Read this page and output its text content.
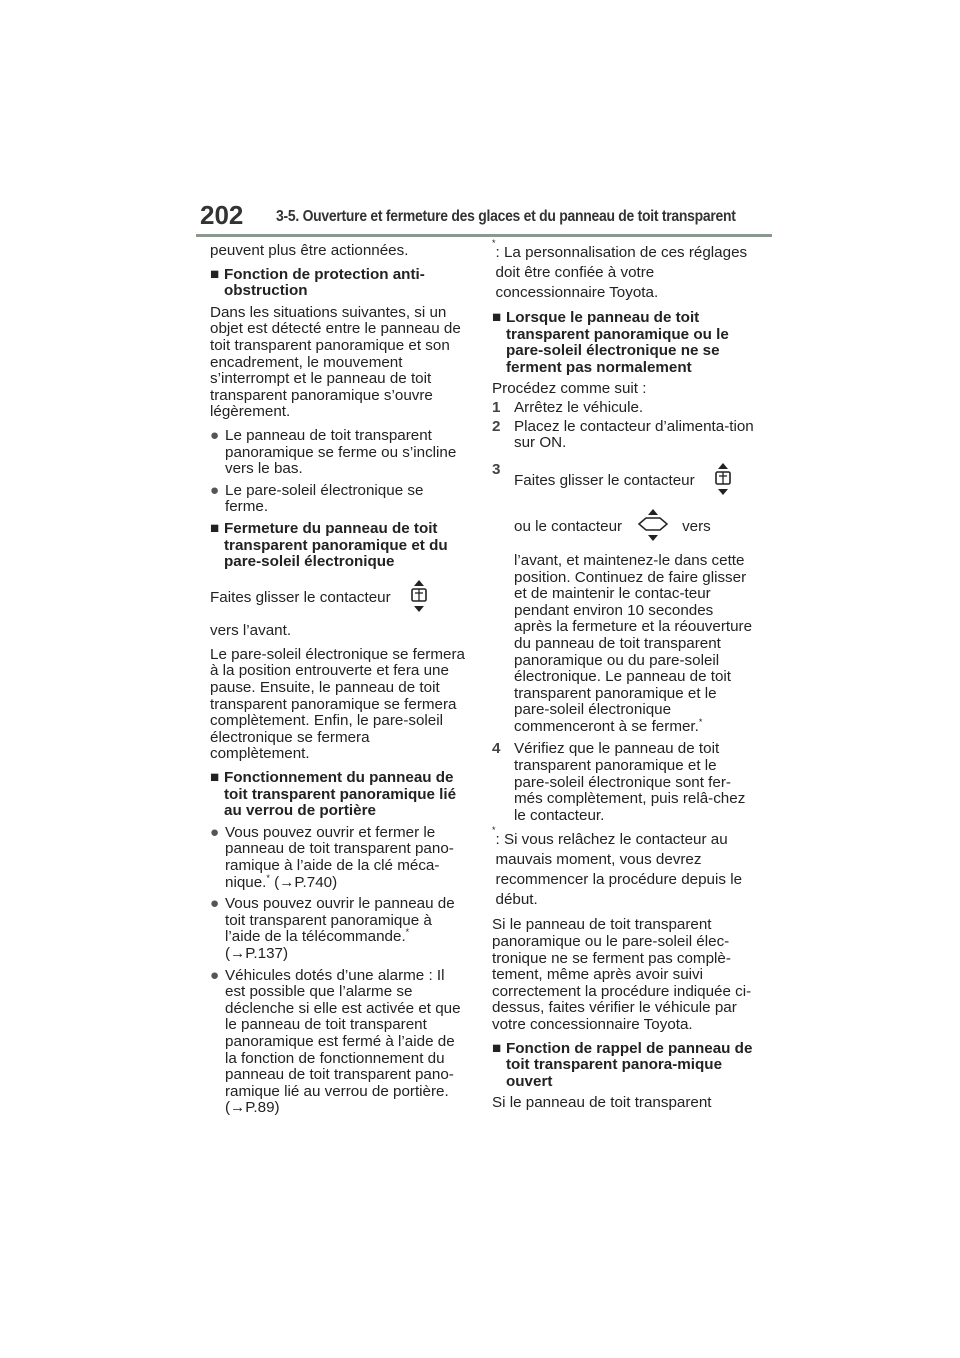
202 3-5. Ouverture et fermeture des glaces et du panneau de toit transparent

peuvent plus être actionnées.

■ Fonction de protection anti-obstruction

Dans les situations suivantes, si un objet est détecté entre le panneau de toit transparent panoramique et son encadrement, le mouvement s’interrompt et le panneau de toit transparent panoramique s’ouvre légèrement.

● Le panneau de toit transparent panoramique se ferme ou s’incline vers le bas.
● Le pare-soleil électronique se ferme.
■ Fermeture du panneau de toit transparent panoramique et du pare-soleil électronique
Faites glisser le contacteur

vers l’avant.

Le pare-soleil électronique se fermera à la position entrouverte et fera une pause. Ensuite, le panneau de toit transparent panoramique se fermera complètement. Enfin, le pare-soleil électronique se fermera complètement.

■ Fonctionnement du panneau de toit transparent panoramique lié au verrou de portière
● Vous pouvez ouvrir et fermer le panneau de toit transparent pano-ramique à l’aide de la clé méca-nique.* (→P.740)
● Vous pouvez ouvrir le panneau de toit transparent panoramique à l’aide de la télécommande.*
(→P.137)
● Véhicules dotés d’une alarme : Il est possible que l’alarme se déclenche si elle est activée et que le panneau de toit transparent panoramique est fermé à l’aide de la fonction de fonctionnement du panneau de toit transparent pano-ramique lié au verrou de portière. (→P.89)
*
: La personnalisation de ces réglages doit être confiée à votre concessionnaire Toyota.
■ Lorsque le panneau de toit transparent panoramique ou le pare-soleil électronique ne se ferment pas normalement

Procédez comme suit :

1 Arrêtez le véhicule.
2 Placez le contacteur d’alimenta-tion sur ON.
3
Faites glisser le contacteur
ou le contacteur	vers

l’avant, et maintenez-le dans cette position. Continuez de faire glisser et de maintenir le contac-teur pendant environ 10 secondes après la fermeture et la réouverture du panneau de toit transparent panoramique ou du pare-soleil électronique. Le panneau de toit transparent panoramique et le pare-soleil électronique commenceront à se fermer.*

4 Vérifiez que le panneau de toit transparent panoramique et le pare-soleil électronique sont fer-més complètement, puis relâ-chez le contacteur.
*
: Si vous relâchez le contacteur au mauvais moment, vous devrez recommencer la procédure depuis le début.

Si le panneau de toit transparent panoramique ou le pare-soleil élec-tronique ne se ferment pas complè-tement, même après avoir suivi correctement la procédure indiquée ci-dessus, faites vérifier le véhicule par votre concessionnaire Toyota.

■ Fonction de rappel de panneau de toit transparent panora-mique ouvert

Si le panneau de toit transparent
